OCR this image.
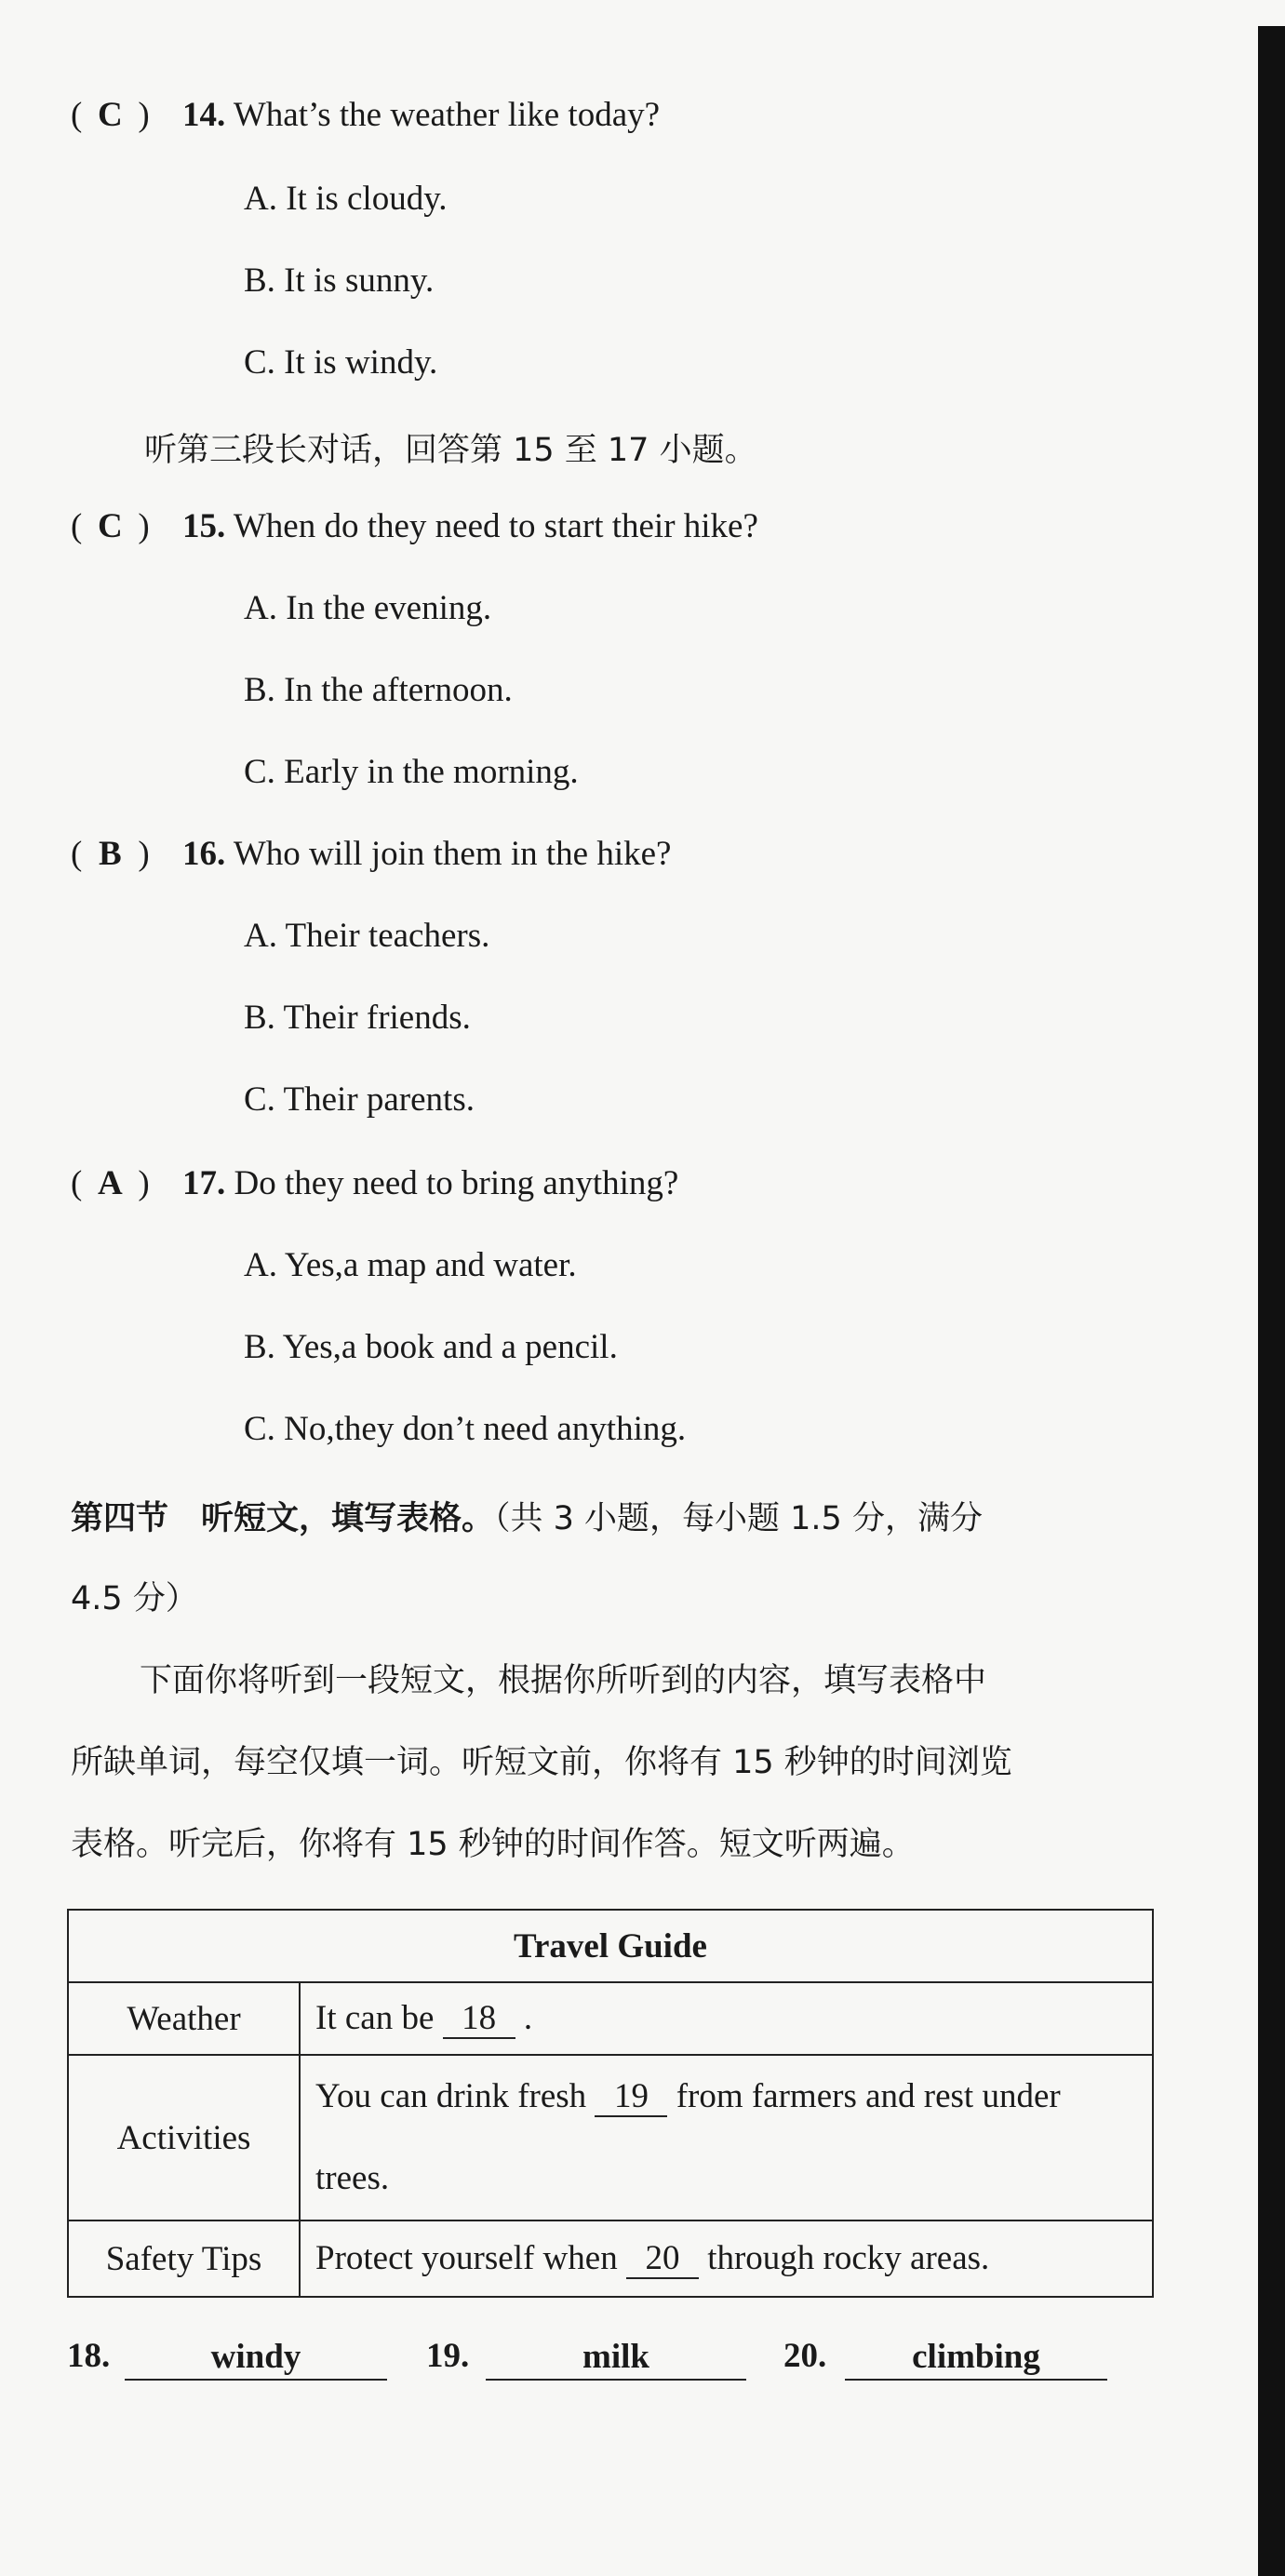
( C ) 14. What’s the weather like today?
A. It is cloudy.
B. It is sunny.
C. It is windy.
听第三段长对话，回答第 15 至 17 小题。
( C ) 15. When do they need to start their hike?
A. In the evening.
B. In the afternoon.
C. Early in the morning.
( B ) 16. Who will join them in the hike?
A. Their teachers.
B. Their friends.
C. Their parents.
( A ) 17. Do they need to bring anything?
A. Yes,a map and water.
B. Yes,a book and a pencil.
C. No,they don’t need anything.
第四节　听短文，填写表格。（共 3 小题，每小题 1.5 分，满分
4.5 分）
下面你将听到一段短文，根据你所听到的内容，填写表格中
所缺单词，每空仅填一词。听短文前，你将有 15 秒钟的时间浏览
表格。听完后，你将有 15 秒钟的时间作答。短文听两遍。
Travel Guide	
Weather	It can be 18 .
Activities	You can drink fresh 19 from farmers and rest under trees.
Safety Tips	Protect yourself when 20 through rocky areas.
18.	windy	19.	milk	20.	climbing
